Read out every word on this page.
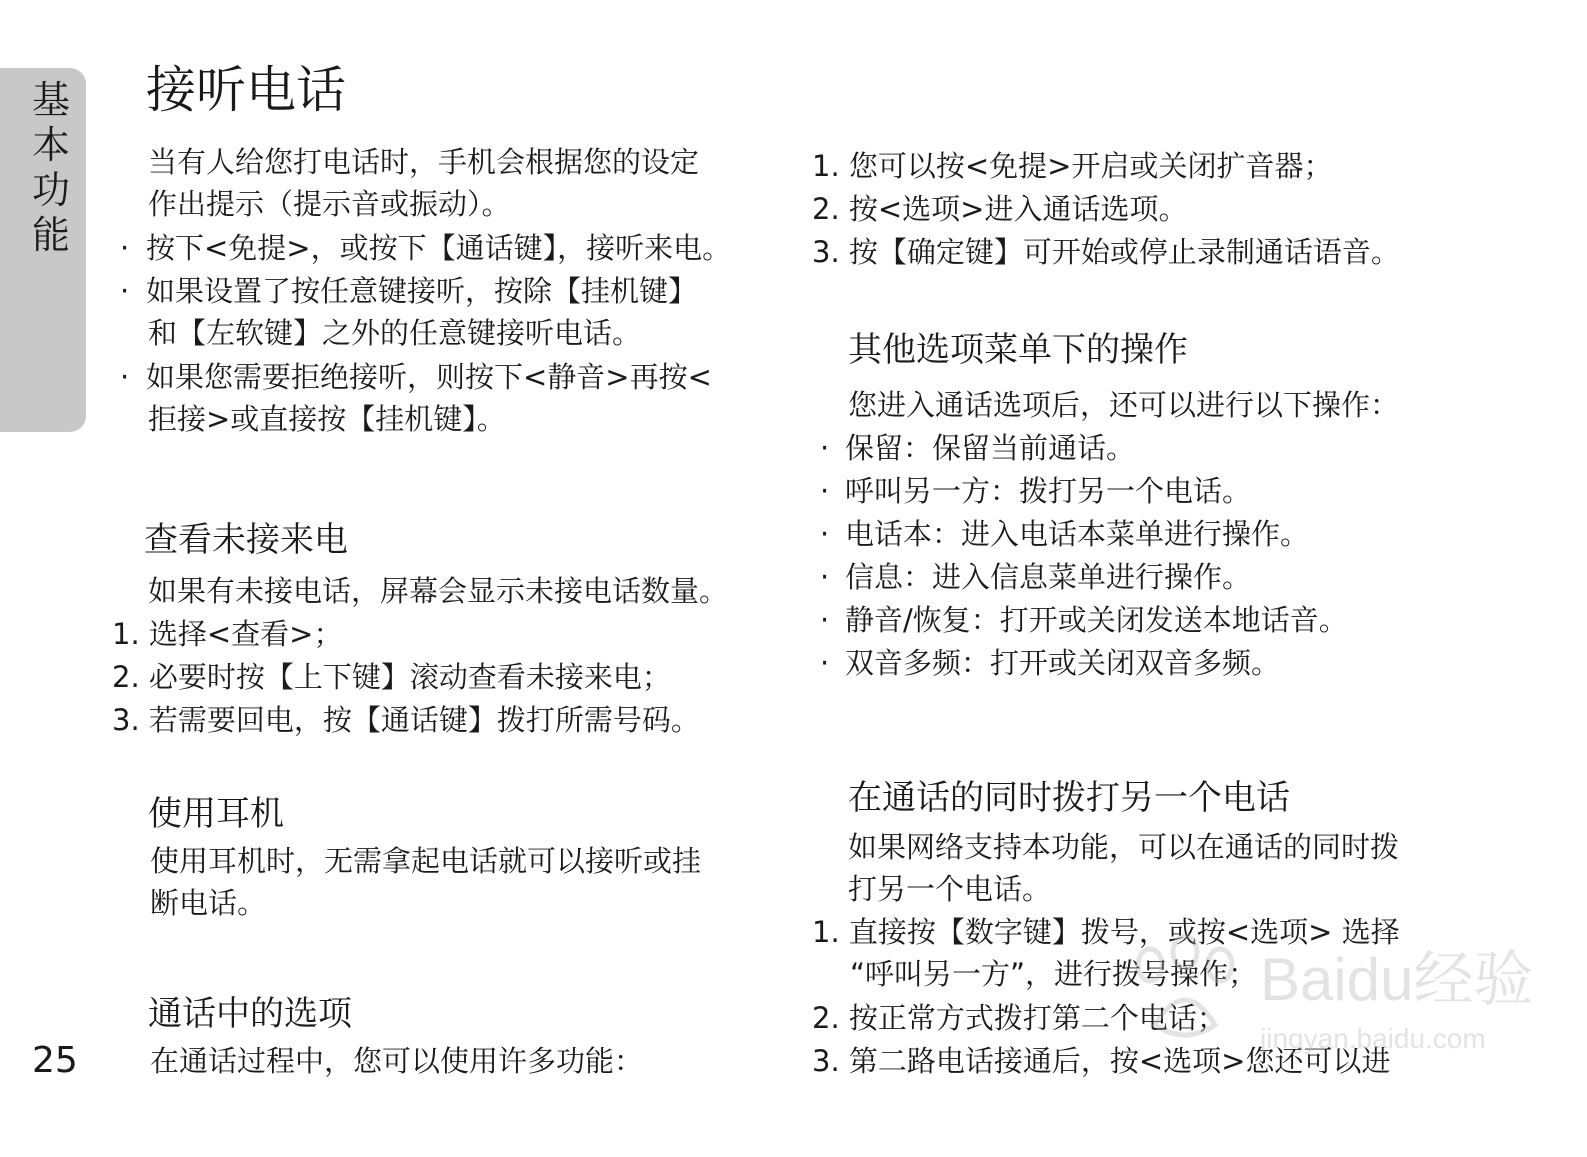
基本功能
25
接听电话
当有人给您打电话时，手机会根据您的设定
作出提示（提示音或振动）。
· 按下<免提>，或按下【通话键】，接听来电。
· 如果设置了按任意键接听，按除【挂机键】
和【左软键】之外的任意键接听电话。
· 如果您需要拒绝接听，则按下<静音>再按<
拒接>或直接按【挂机键】。
查看未接来电
如果有未接电话，屏幕会显示未接电话数量。
1. 选择<查看>；
2. 必要时按【上下键】滚动查看未接来电；
3. 若需要回电，按【通话键】拨打所需号码。
使用耳机
使用耳机时，无需拿起电话就可以接听或挂
断电话。
通话中的选项
在通话过程中，您可以使用许多功能：
1. 您可以按<免提>开启或关闭扩音器；
2. 按<选项>进入通话选项。
3. 按【确定键】可开始或停止录制通话语音。
其他选项菜单下的操作
您进入通话选项后，还可以进行以下操作：
· 保留：保留当前通话。
· 呼叫另一方：拨打另一个电话。
· 电话本：进入电话本菜单进行操作。
· 信息：进入信息菜单进行操作。
· 静音/恢复：打开或关闭发送本地话音。
· 双音多频：打开或关闭双音多频。
在通话的同时拨打另一个电话
如果网络支持本功能，可以在通话的同时拨
打另一个电话。
1. 直接按【数字键】拨号，或按<选项> 选择
“呼叫另一方”，进行拨号操作；
2. 按正常方式拨打第二个电话；
3. 第二路电话接通后，按<选项>您还可以进
Baidu经验
jingyan.baidu.com
